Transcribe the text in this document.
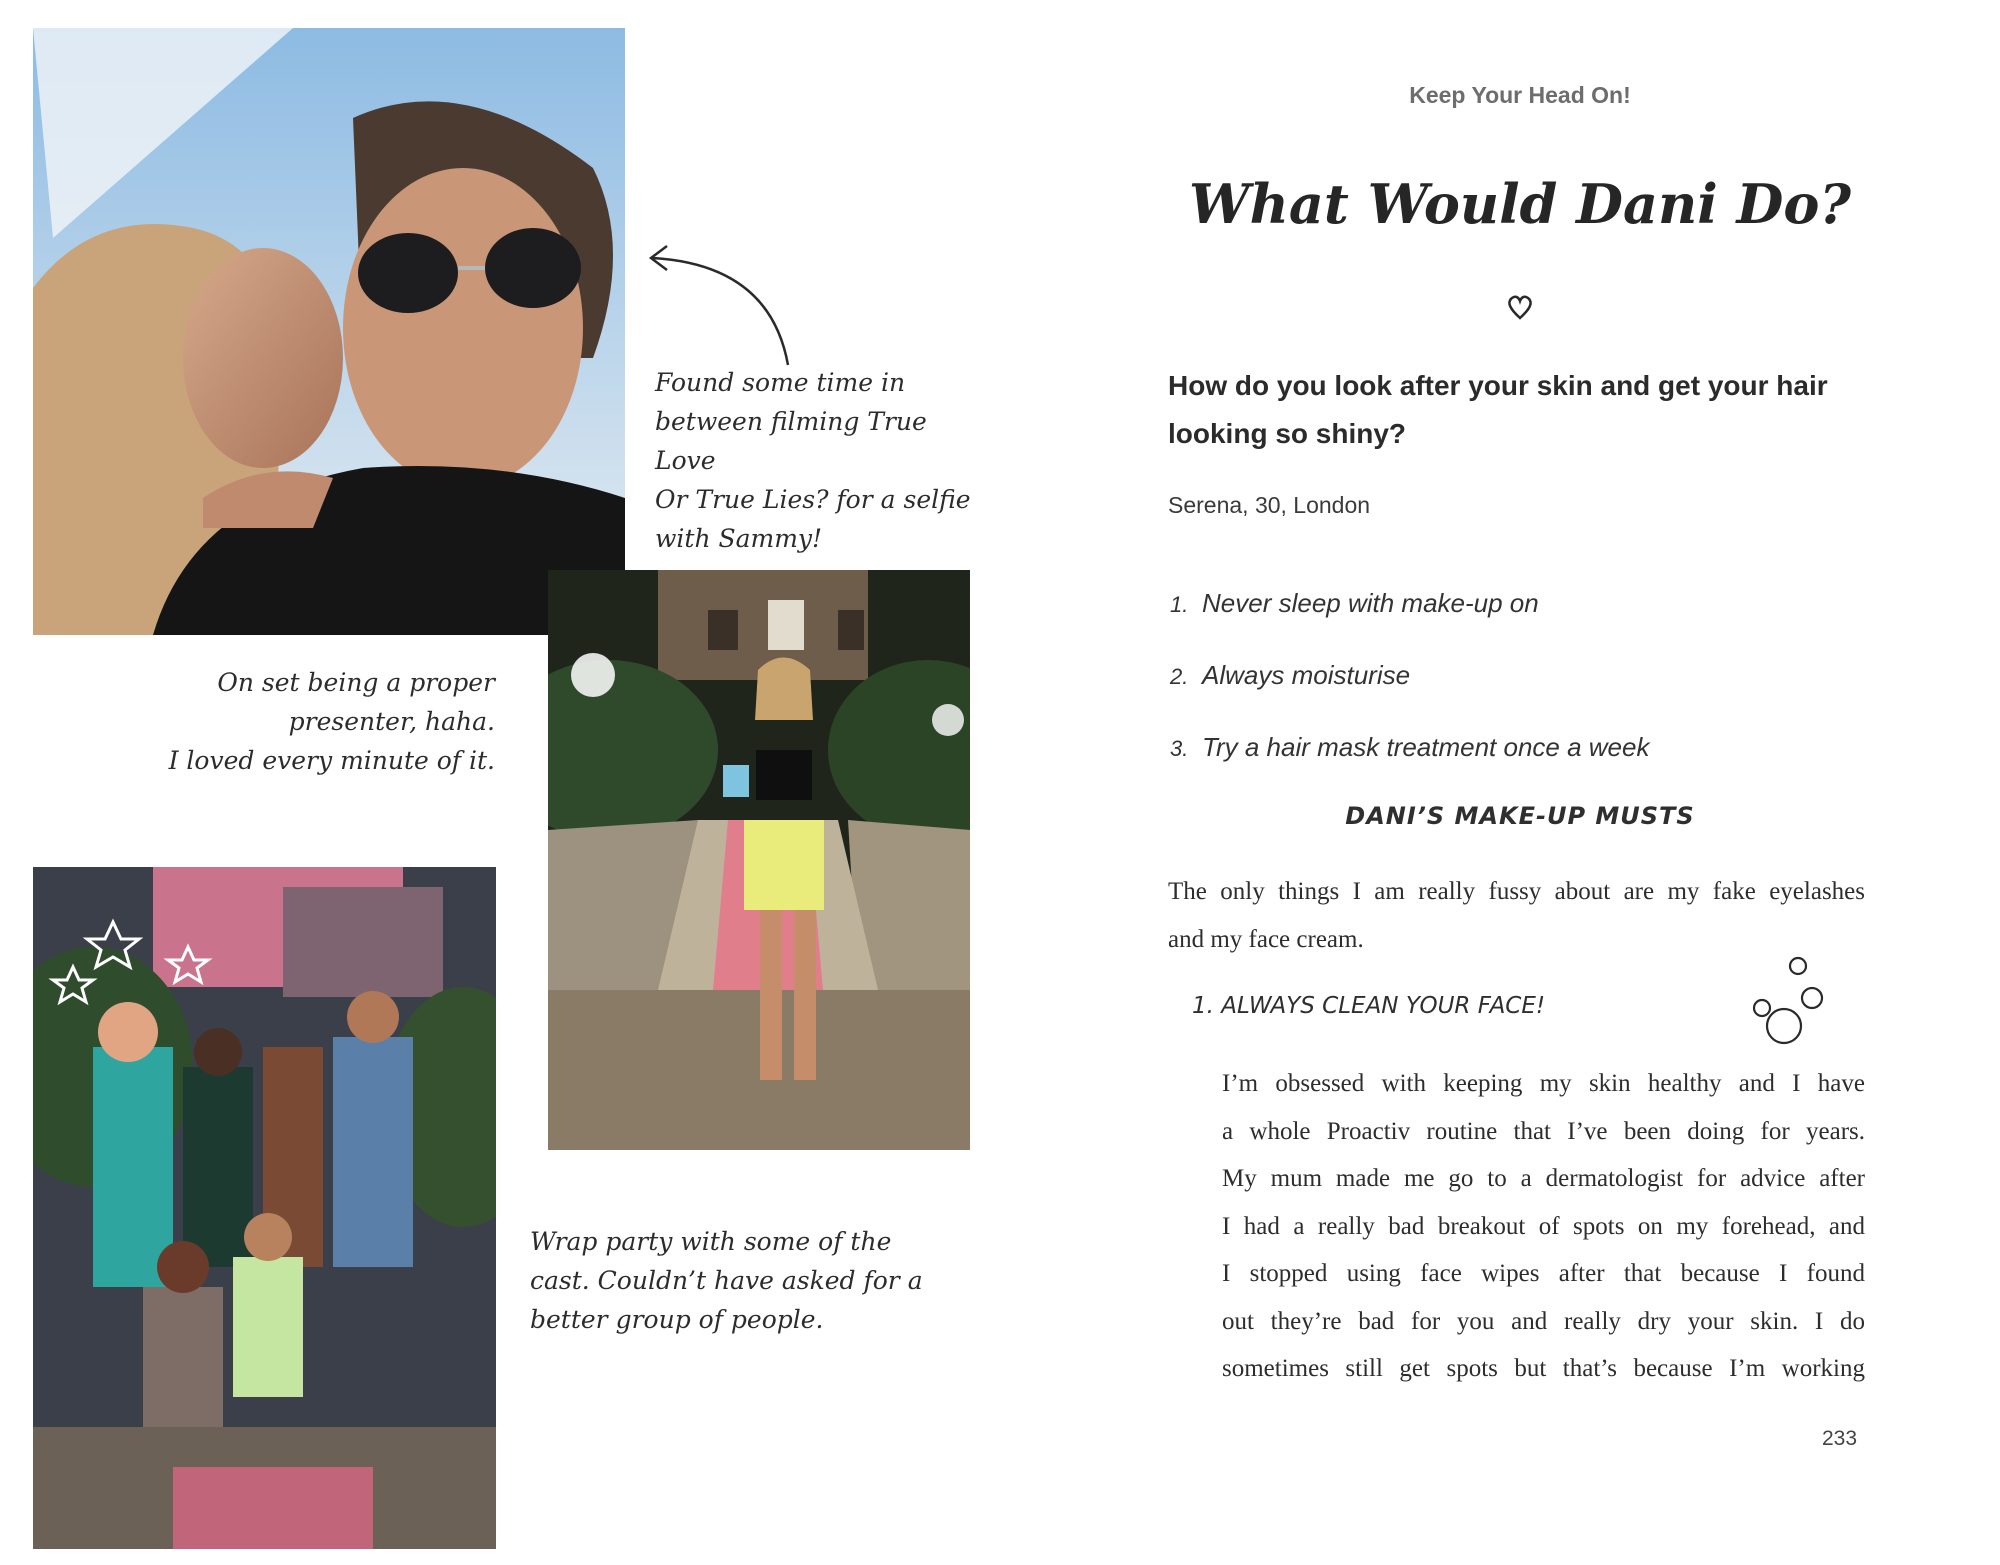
Found some time in
between filming True Love
Or True Lies? for a selfie
with Sammy!

On set being a proper
presenter, haha.
I loved every minute of it.

Wrap party with some of the
cast. Couldn’t have asked for a
better group of people.

Keep Your Head On!

What Would Dani Do?
How do you look after your skin and get your hair looking so shiny?

Serena, 30, London

1. Never sleep with make-up on
2. Always moisturise
3. Try a hair mask treatment once a week
DANI’S MAKE-UP MUSTS

The only things I am really fussy about are my fake eyelashes
and my face cream.

1. ALWAYS CLEAN YOUR FACE!

I’m obsessed with keeping my skin healthy and I have
a whole Proactiv routine that I’ve been doing for years.
My mum made me go to a dermatologist for advice after
I had a really bad breakout of spots on my forehead, and
I stopped using face wipes after that because I found
out they’re bad for you and really dry your skin. I do
sometimes still get spots but that’s because I’m working

233
